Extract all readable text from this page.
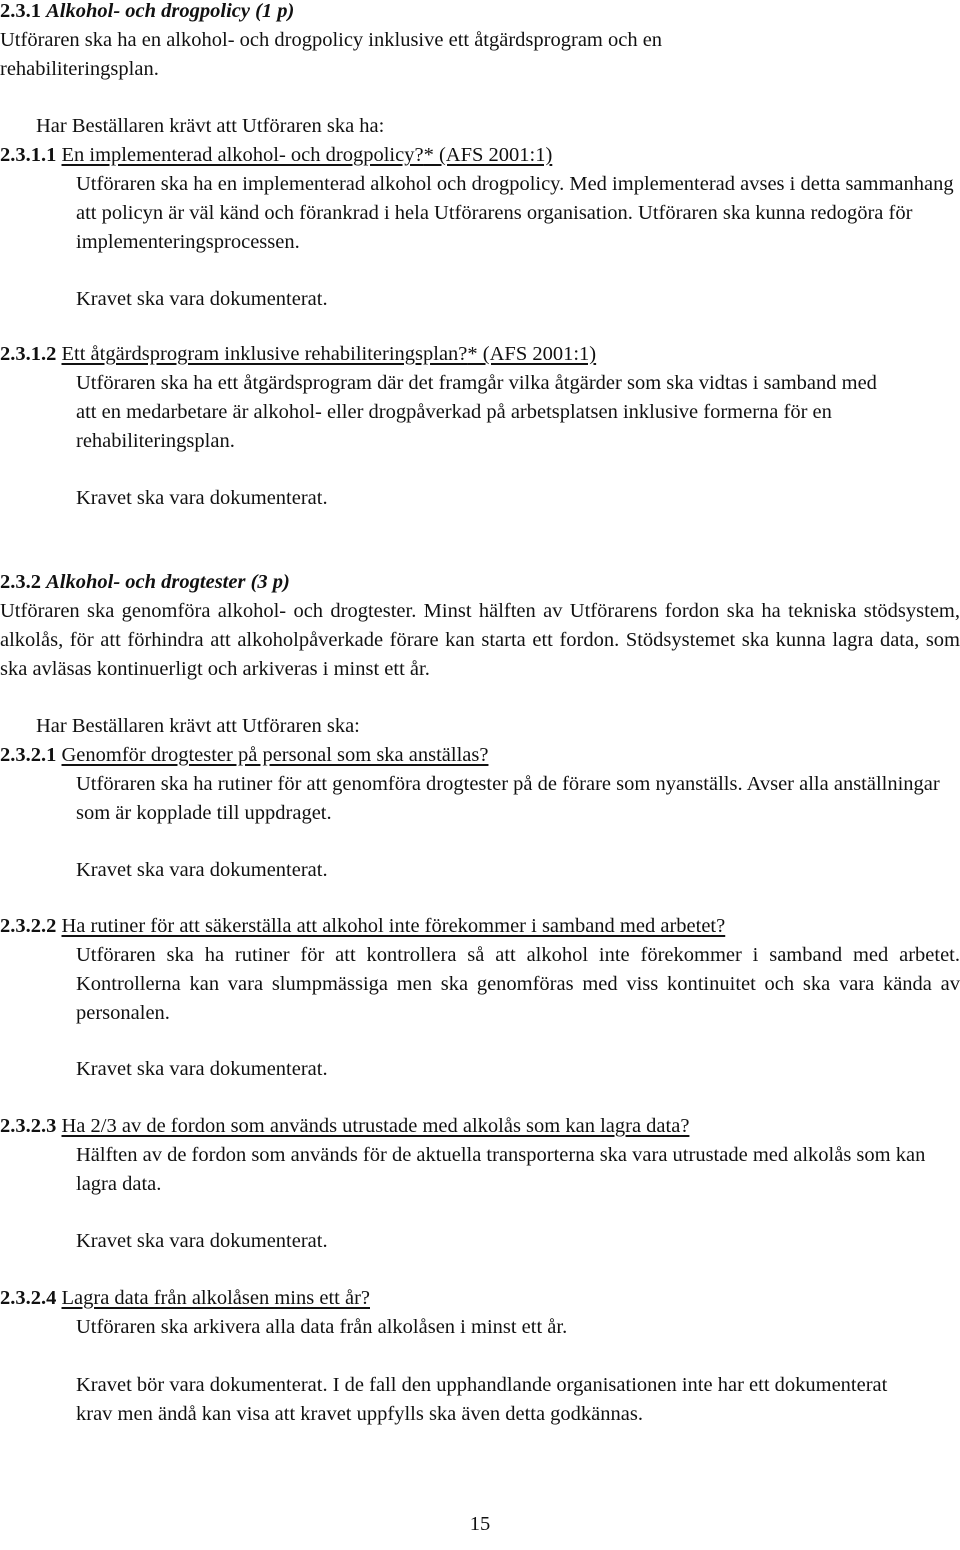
2.3.1 Alkohol- och drogpolicy (1 p)

Utföraren ska ha en alkohol- och drogpolicy inklusive ett åtgärdsprogram och en rehabiliteringsplan.

Har Beställaren krävt att Utföraren ska ha:

2.3.1.1 En implementerad alkohol- och drogpolicy?* (AFS 2001:1)

Utföraren ska ha en implementerad alkohol och drogpolicy. Med implementerad avses i detta sammanhang att policyn är väl känd och förankrad i hela Utförarens organisation. Utföraren ska kunna redogöra för implementeringsprocessen.

Kravet ska vara dokumenterat.

2.3.1.2 Ett åtgärdsprogram inklusive rehabiliteringsplan?* (AFS 2001:1)

Utföraren ska ha ett åtgärdsprogram där det framgår vilka åtgärder som ska vidtas i samband med att en medarbetare är alkohol- eller drogpåverkad på arbetsplatsen inklusive formerna för en rehabiliteringsplan.

Kravet ska vara dokumenterat.

2.3.2 Alkohol- och drogtester (3 p)

Utföraren ska genomföra alkohol- och drogtester. Minst hälften av Utförarens fordon ska ha tekniska stödsystem, alkolås, för att förhindra att alkoholpåverkade förare kan starta ett fordon. Stödsystemet ska kunna lagra data, som ska avläsas kontinuerligt och arkiveras i minst ett år.

Har Beställaren krävt att Utföraren ska:

2.3.2.1 Genomför drogtester på personal som ska anställas?

Utföraren ska ha rutiner för att genomföra drogtester på de förare som nyanställs. Avser alla anställningar som är kopplade till uppdraget.

Kravet ska vara dokumenterat.

2.3.2.2 Ha rutiner för att säkerställa att alkohol inte förekommer i samband med arbetet?

Utföraren ska ha rutiner för att kontrollera så att alkohol inte förekommer i samband med arbetet. Kontrollerna kan vara slumpmässiga men ska genomföras med viss kontinuitet och ska vara kända av personalen.

Kravet ska vara dokumenterat.

2.3.2.3 Ha 2/3 av de fordon som används utrustade med alkolås som kan lagra data?

Hälften av de fordon som används för de aktuella transporterna ska vara utrustade med alkolås som kan lagra data.

Kravet ska vara dokumenterat.

2.3.2.4 Lagra data från alkolåsen mins ett år?

Utföraren ska arkivera alla data från alkolåsen i minst ett år.

Kravet bör vara dokumenterat. I de fall den upphandlande organisationen inte har ett dokumenterat krav men ändå kan visa att kravet uppfylls ska även detta godkännas.

15
